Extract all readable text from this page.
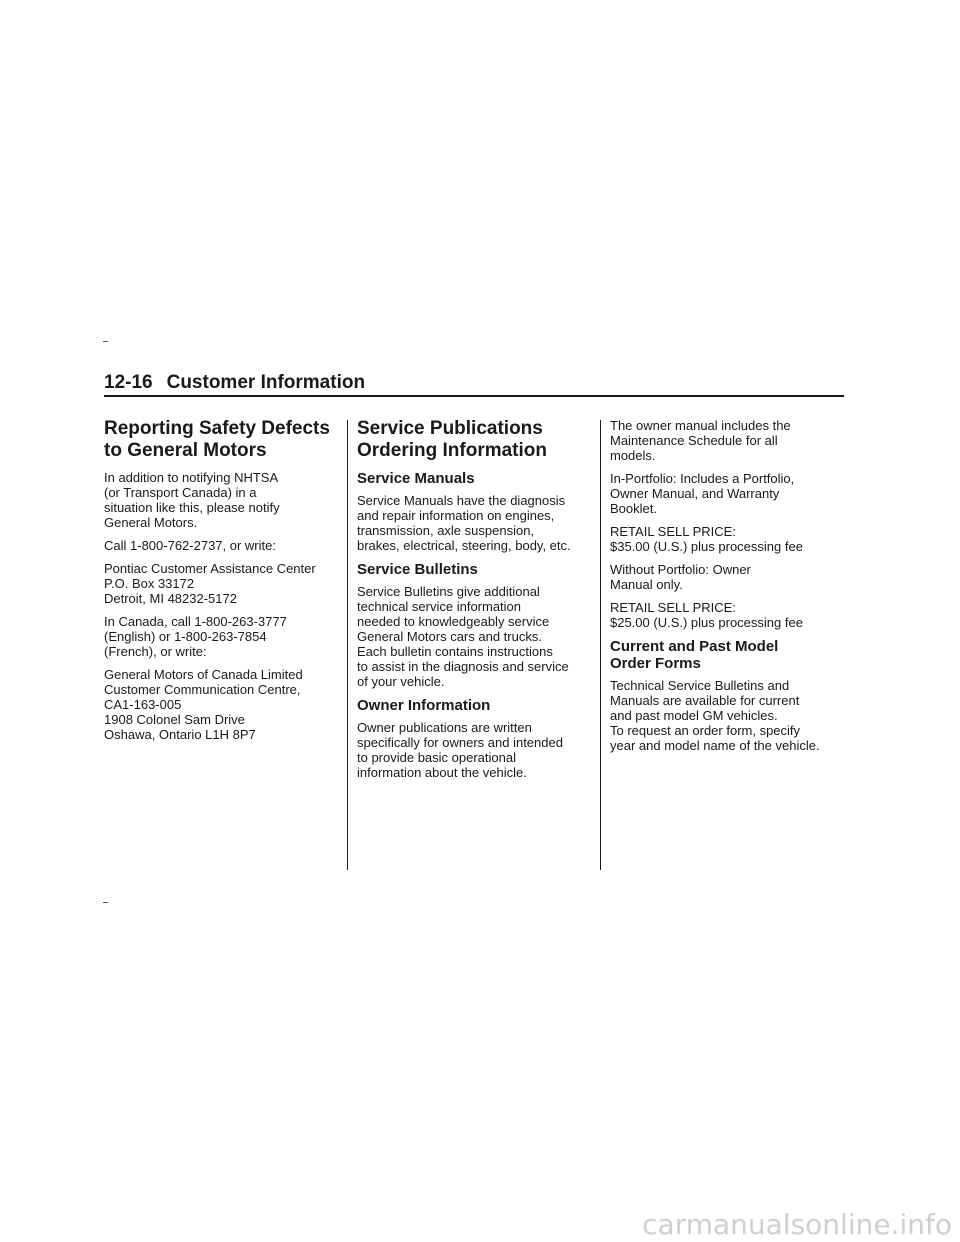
12-16 Customer Information
Reporting Safety Defects
to General Motors

In addition to notifying NHTSA
(or Transport Canada) in a
situation like this, please notify
General Motors.

Call 1-800-762-2737, or write:

Pontiac Customer Assistance Center
P.O. Box 33172
Detroit, MI 48232-5172

In Canada, call 1-800-263-3777
(English) or 1-800-263-7854
(French), or write:

General Motors of Canada Limited
Customer Communication Centre,
CA1-163-005
1908 Colonel Sam Drive
Oshawa, Ontario L1H 8P7

Service Publications
Ordering Information
Service Manuals

Service Manuals have the diagnosis
and repair information on engines,
transmission, axle suspension,
brakes, electrical, steering, body, etc.

Service Bulletins

Service Bulletins give additional
technical service information
needed to knowledgeably service
General Motors cars and trucks.
Each bulletin contains instructions
to assist in the diagnosis and service
of your vehicle.

Owner Information

Owner publications are written
specifically for owners and intended
to provide basic operational
information about the vehicle.

The owner manual includes the
Maintenance Schedule for all
models.

In-Portfolio: Includes a Portfolio,
Owner Manual, and Warranty
Booklet.

RETAIL SELL PRICE:
$35.00 (U.S.) plus processing fee

Without Portfolio: Owner
Manual only.

RETAIL SELL PRICE:
$25.00 (U.S.) plus processing fee

Current and Past Model
Order Forms

Technical Service Bulletins and
Manuals are available for current
and past model GM vehicles.
To request an order form, specify
year and model name of the vehicle.

carmanualsonline.info
